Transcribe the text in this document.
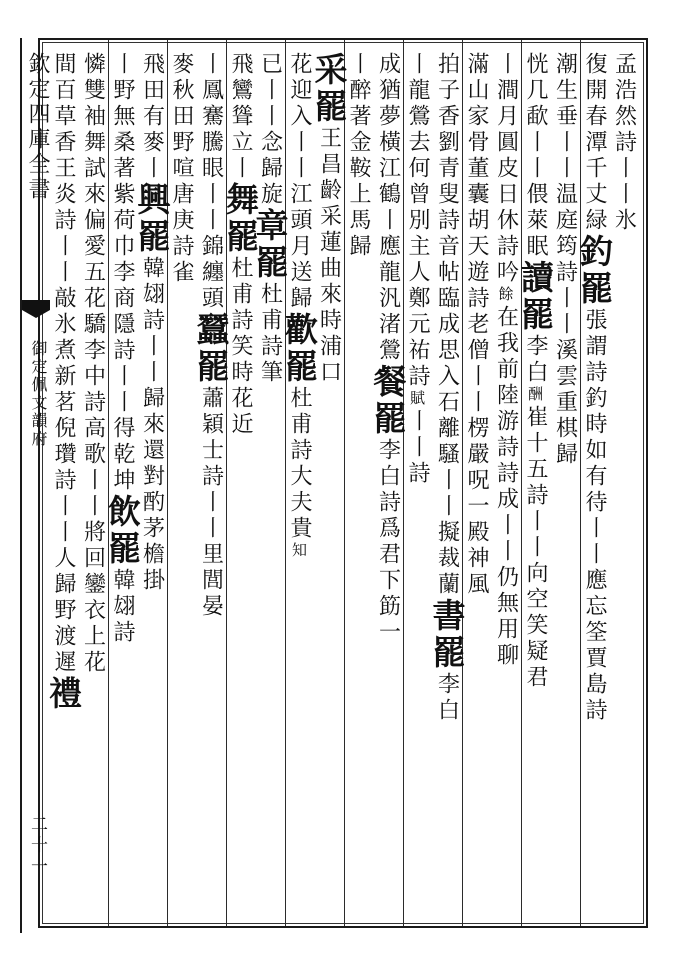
欽定四庫全書
御定佩文韻府
二十一
孟浩然詩丨丨氷
復開春潭千丈緑釣罷張謂詩釣時如有待丨丨應忘筌賈島詩
潮生垂丨丨温庭筠詩丨丨溪雲重棋歸
恍几歃丨丨偎萊眠讀罷李白酬崔十五詩丨丨向空笑疑君
丨澗月圓皮日休詩吟餘在我前陸游詩詩成丨丨仍無用聊
滿山家骨董囊胡天遊詩老僧丨丨楞嚴呪一殿神風
拍子香劉青叟詩音帖臨成思入石離騷丨丨擬裁蘭書罷李白
丨龍鶯去何曾別主人鄭元祐詩賦丨丨詩
成猶夢橫江鶴丨應龍汎渚鶯餐罷李白詩爲君下筯一
丨醉著金鞍上馬歸
采罷王昌齡采蓮曲來時浦口
花迎入丨丨江頭月送歸歡罷杜甫詩大夫貴知
已丨丨念歸旋章罷杜甫詩筆
飛鸞聳立丨舞罷杜甫詩笑時花近
丨鳳騫騰眼丨丨錦纏頭蠶罷蕭穎士詩丨丨里閭晏
麥秋田野喧唐庚詩雀
飛田有麥丨興罷韓翃詩丨丨歸來還對酌茅檐掛
丨野無桑著紫荷巾李商隱詩丨丨得乾坤飲罷韓翃詩
憐雙袖舞試來偏愛五花驕李中詩高歌丨丨將回鑾衣上花
間百草香王炎詩丨丨敲氷煮新茗倪瓚詩丨丨人歸野渡遲禮
